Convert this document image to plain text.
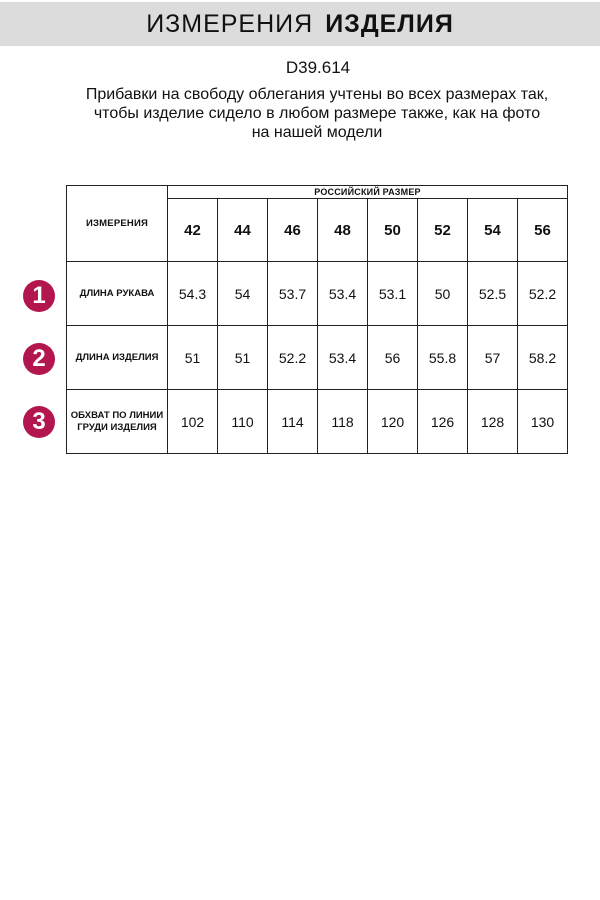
ИЗМЕРЕНИЯ ИЗДЕЛИЯ
D39.614
Прибавки на свободу облегания учтены во всех размерах так,
чтобы изделие сидело в любом размере также, как на фото
на нашей модели
1
2
3
ИЗМЕРЕНИЯ	РОССИЙСКИЙ РАЗМЕР							
	42	44	46	48	50	52	54	56
ДЛИНА РУКАВА	54.3	54	53.7	53.4	53.1	50	52.5	52.2
ДЛИНА ИЗДЕЛИЯ	51	51	52.2	53.4	56	55.8	57	58.2
ОБХВАТ ПО ЛИНИИ ГРУДИ ИЗДЕЛИЯ	102	110	114	118	120	126	128	130
